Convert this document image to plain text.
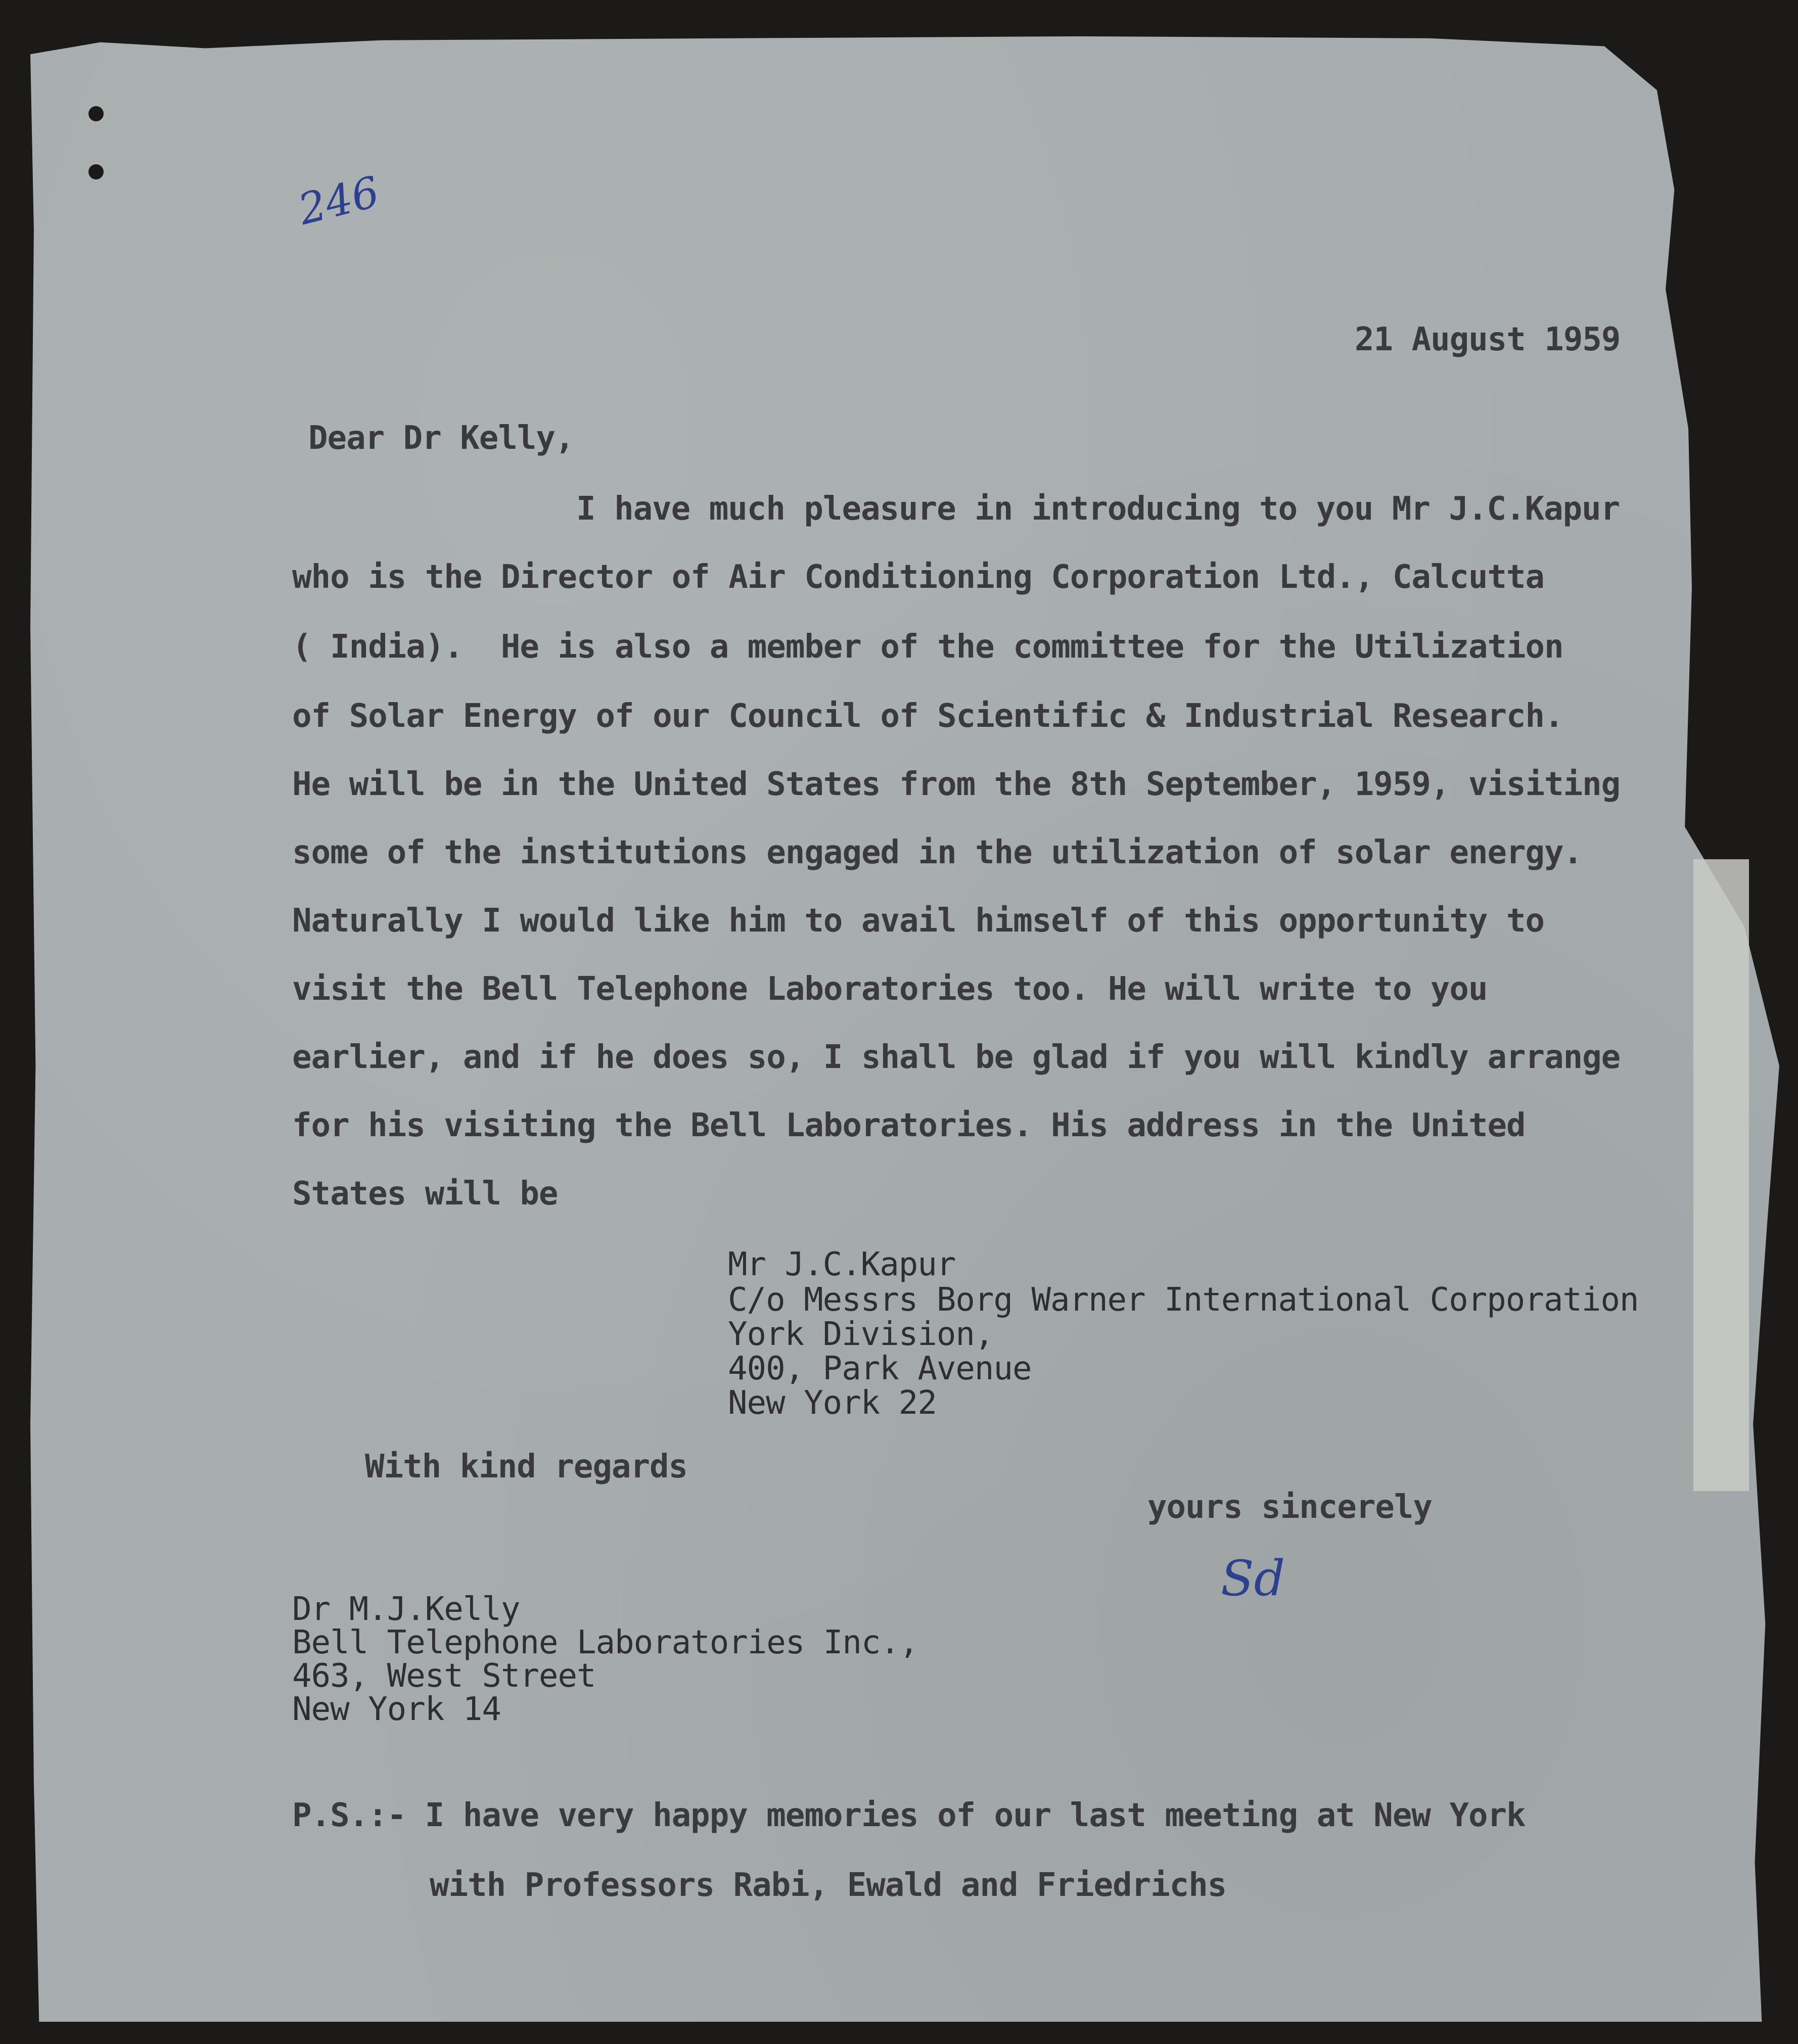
246
21 August 1959
Dear Dr Kelly,
I have much pleasure in introducing to you Mr J.C.Kapur
who is the Director of Air Conditioning Corporation Ltd., Calcutta
( India).  He is also a member of the committee for the Utilization
of Solar Energy of our Council of Scientific & Industrial Research.
He will be in the United States from the 8th September, 1959, visiting
some of the institutions engaged in the utilization of solar energy.
Naturally I would like him to avail himself of this opportunity to
visit the Bell Telephone Laboratories too. He will write to you
earlier, and if he does so, I shall be glad if you will kindly arrange
for his visiting the Bell Laboratories. His address in the United
States will be
Mr J.C.Kapur
C/o Messrs Borg Warner International Corporation
York Division,
400, Park Avenue
New York 22
With kind regards
yours sincerely
Sd
Dr M.J.Kelly
Bell Telephone Laboratories Inc.,
463, West Street
New York 14
P.S.:- I have very happy memories of our last meeting at New York
with Professors Rabi, Ewald and Friedrichs
